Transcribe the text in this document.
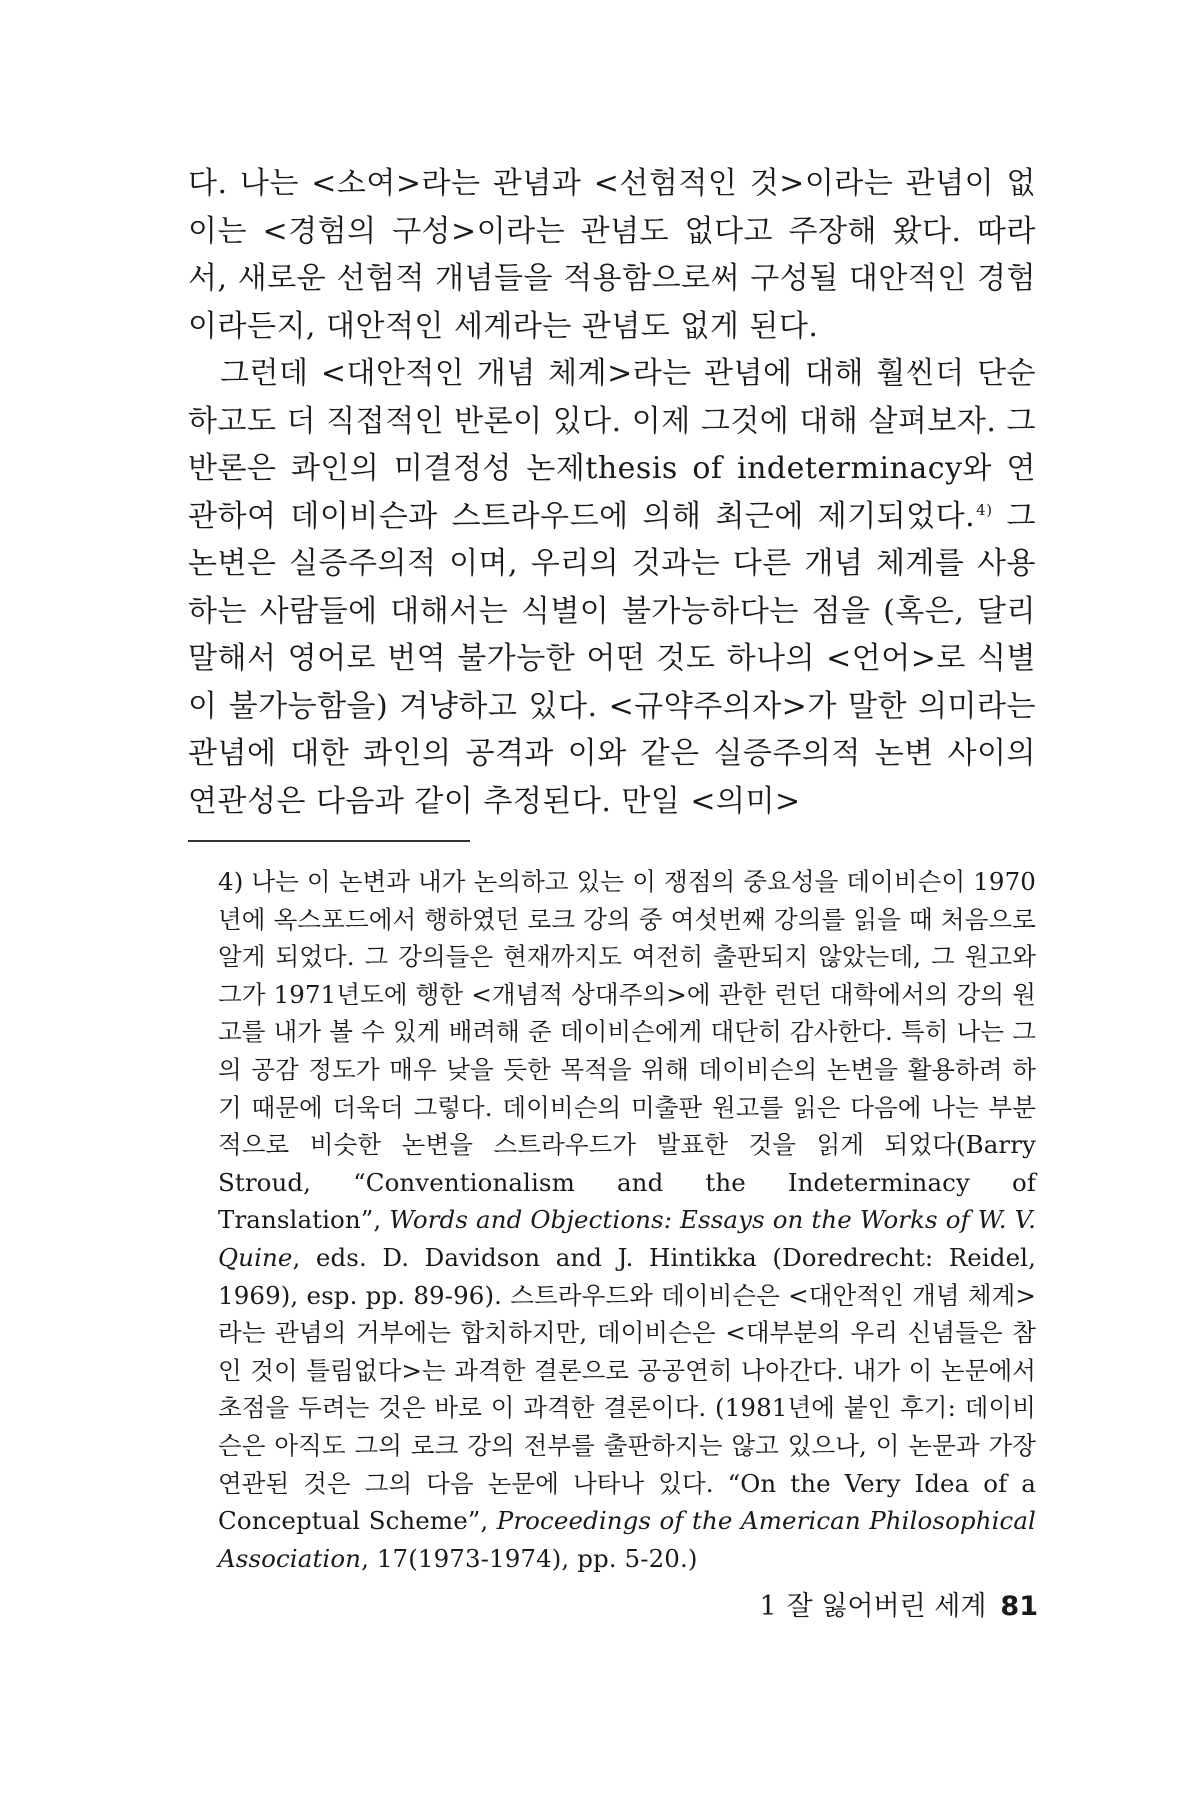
다. 나는 <소여>라는 관념과 <선험적인 것>이라는 관념이 없이는 <경험의 구성>이라는 관념도 없다고 주장해 왔다. 따라서, 새로운 선험적 개념들을 적용함으로써 구성될 대안적인 경험이라든지, 대안적인 세계라는 관념도 없게 된다.

그런데 <대안적인 개념 체계>라는 관념에 대해 훨씬더 단순하고도 더 직접적인 반론이 있다. 이제 그것에 대해 살펴보자. 그 반론은 콰인의 미결정성 논제thesis of indeterminacy와 연관하여 데이비슨과 스트라우드에 의해 최근에 제기되었다.$^{4)}$ 그 논변은 실증주의적 이며, 우리의 것과는 다른 개념 체계를 사용하는 사람들에 대해서는 식별이 불가능하다는 점을 (혹은, 달리 말해서 영어로 번역 불가능한 어떤 것도 하나의 <언어>로 식별이 불가능함을) 겨냥하고 있다. <규약주의자>가 말한 의미라는 관념에 대한 콰인의 공격과 이와 같은 실증주의적 논변 사이의 연관성은 다음과 같이 추정된다. 만일 <의미>

4) 나는 이 논변과 내가 논의하고 있는 이 쟁점의 중요성을 데이비슨이 1970년에 옥스포드에서 행하였던 로크 강의 중 여섯번째 강의를 읽을 때 처음으로 알게 되었다. 그 강의들은 현재까지도 여전히 출판되지 않았는데, 그 원고와 그가 1971년도에 행한 <개념적 상대주의>에 관한 런던 대학에서의 강의 원고를 내가 볼 수 있게 배려해 준 데이비슨에게 대단히 감사한다. 특히 나는 그의 공감 정도가 매우 낮을 듯한 목적을 위해 데이비슨의 논변을 활용하려 하기 때문에 더욱더 그렇다. 데이비슨의 미출판 원고를 읽은 다음에 나는 부분적으로 비슷한 논변을 스트라우드가 발표한 것을 읽게 되었다(Barry Stroud, “Conventionalism and the Indeterminacy of Translation”, Words and Objections: Essays on the Works of W. V. Quine, eds. D. Davidson and J. Hintikka (Doredrecht: Reidel, 1969), esp. pp. 89-96). 스트라우드와 데이비슨은 <대안적인 개념 체계>라는 관념의 거부에는 합치하지만, 데이비슨은 <대부분의 우리 신념들은 참인 것이 틀림없다>는 과격한 결론으로 공공연히 나아간다. 내가 이 논문에서 초점을 두려는 것은 바로 이 과격한 결론이다. (1981년에 붙인 후기: 데이비슨은 아직도 그의 로크 강의 전부를 출판하지는 않고 있으나, 이 논문과 가장 연관된 것은 그의 다음 논문에 나타나 있다. “On the Very Idea of a Conceptual Scheme”, Proceedings of the American Philosophical Association, 17(1973-1974), pp. 5-20.)

1 잘 잃어버린 세계 81
